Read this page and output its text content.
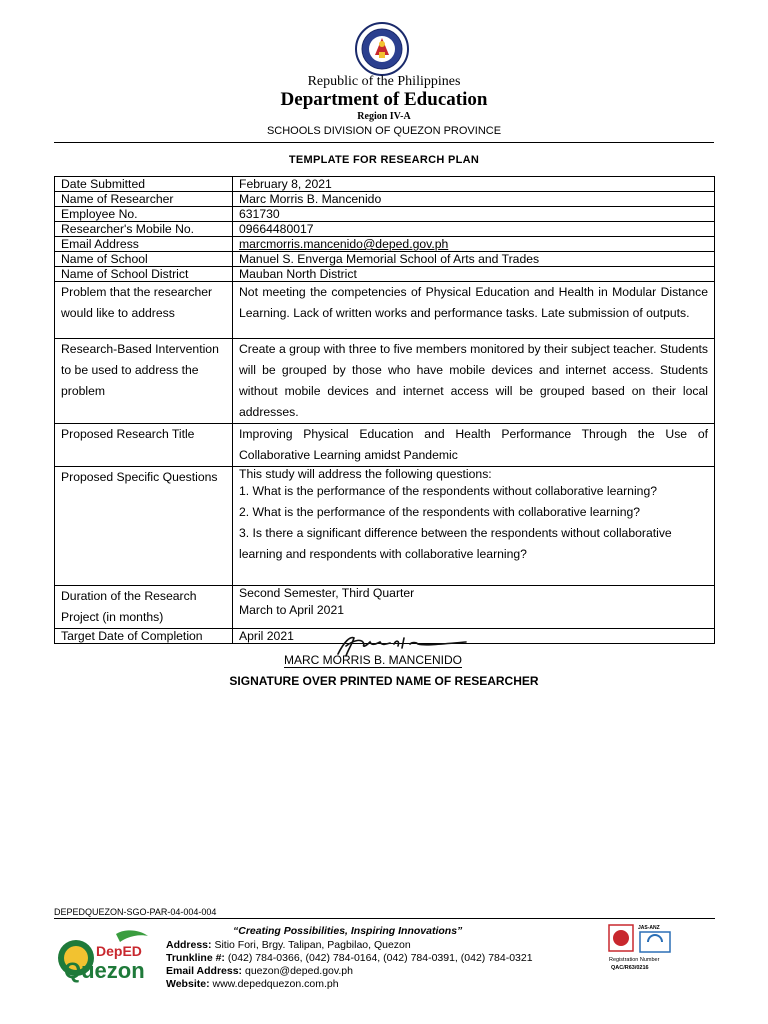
Republic of the Philippines
Department of Education
Region IV-A
SCHOOLS DIVISION OF QUEZON PROVINCE
TEMPLATE FOR RESEARCH PLAN
Date Submitted	February 8, 2021
Name of Researcher	Marc Morris B. Mancenido
Employee No.	631730
Researcher's Mobile No.	09664480017
Email Address	marcmorris.mancenido@deped.gov.ph
Name of School	Manuel S. Enverga Memorial School of Arts and Trades
Name of School District	Mauban North District
Problem that the researcher would like to address	Not meeting the competencies of Physical Education and Health in Modular Distance Learning. Lack of written works and performance tasks. Late submission of outputs.
Research-Based Intervention to be used to address the problem	Create a group with three to five members monitored by their subject teacher. Students will be grouped by those who have mobile devices and internet access. Students without mobile devices and internet access will be grouped based on their local addresses.
Proposed Research Title	Improving Physical Education and Health Performance Through the Use of Collaborative Learning amidst Pandemic
Proposed Specific Questions	This study will address the following questions:
1. What is the performance of the respondents without collaborative learning?
2. What is the performance of the respondents with collaborative learning?
3. Is there a significant difference between the respondents without collaborative learning and respondents with collaborative learning?

Duration of the Research Project (in months)	Second Semester, Third Quarter
March to April 2021

Target Date of Completion	April 2021
MARC MORRIS B. MANCENIDO
SIGNATURE OVER PRINTED NAME OF RESEARCHER
DEPEDQUEZON-SGO-PAR-04-004-004
DepED
Quezon
“Creating Possibilities, Inspiring Innovations”
Address: Sitio Fori, Brgy. Talipan, Pagbilao, Quezon
Trunkline #: (042) 784-0366, (042) 784-0164, (042) 784-0391, (042) 784-0321
Email Address: quezon@deped.gov.ph
Website: www.depedquezon.com.ph
JAS-ANZ
Registration Number
QAC/R63/0216
